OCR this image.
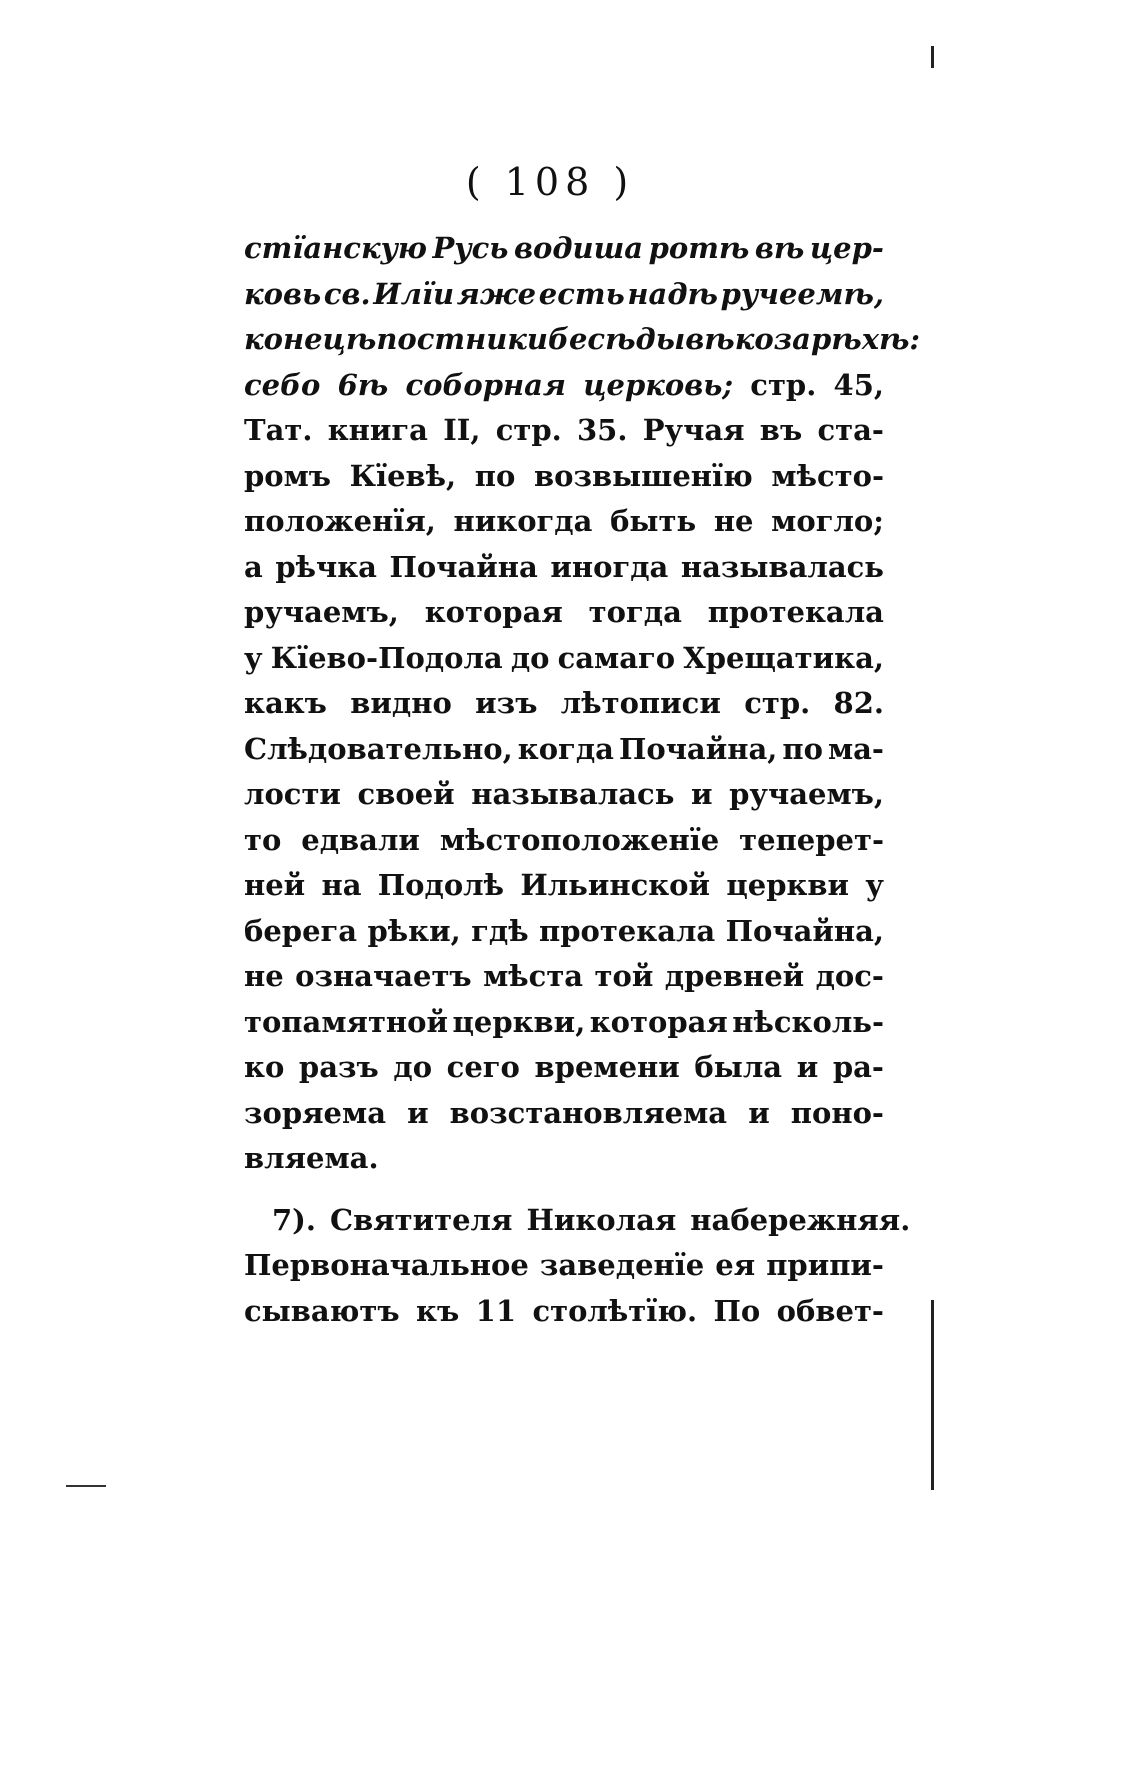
( 108 )
стїанскую Русь водиша ротѣ вѣ цер-
ковь св. Илїи яже есть надѣ ручеемѣ,
конецѣ постники бесѣды вѣ козарѣхѣ:
себо 6ѣ соборная церковь; стр. 45,
Тат. книга II, стр. 35. Ручая въ ста-
ромъ Кїевѣ, по возвышенїю мѣсто-
положенїя, никогда быть не могло;
а рѣчка Почайна иногда называлась
ручаемъ, которая тогда протекала
у Кїево-Подола до самаго Хрещатика,
какъ видно изъ лѣтописи стр. 82.
Слѣдовательно, когда Почайна, по ма-
лости своей называлась и ручаемъ,
то едвали мѣстоположенїе теперет-
ней на Подолѣ Ильинской церкви у
берега рѣки, гдѣ протекала Почайна,
не означаетъ мѣста той древней дос-
топамятной церкви, которая нѣсколь-
ко разъ до сего времени была и ра-
зоряема и возстановляема и поно-
вляема.
7). Святителя Николая набережняя.
Первоначальное заведенїе ея припи-
сываютъ къ 11 столѣтїю. По обвет-
